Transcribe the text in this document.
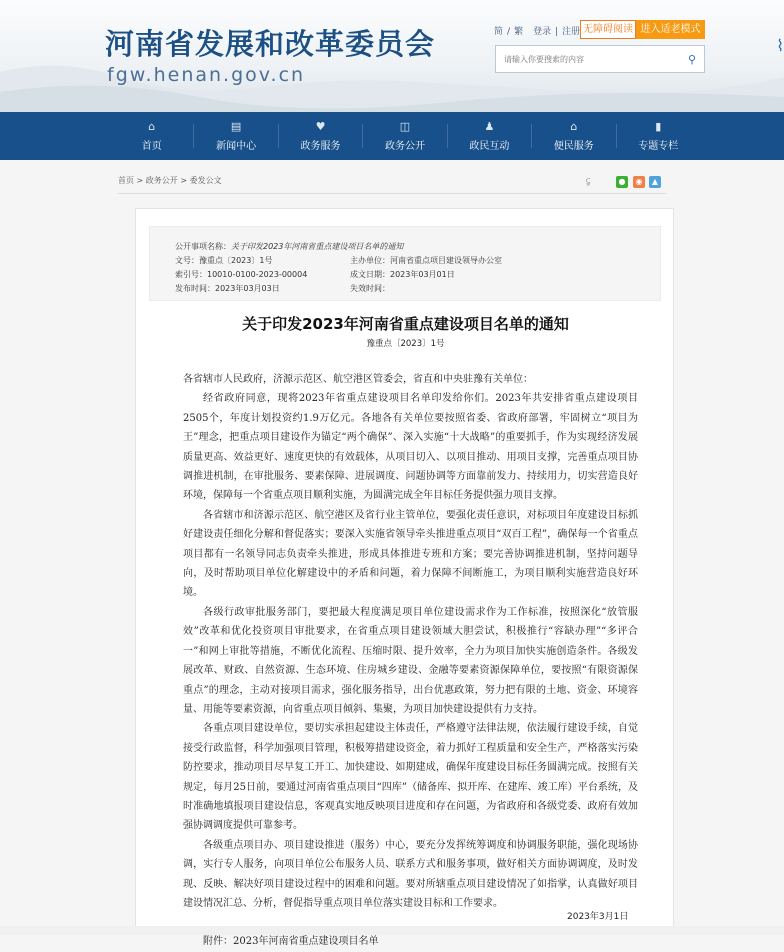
河南省发展和改革委员会
fgw.henan.gov.cn
简 / 繁 登录 | 注册 无障碍阅读 进入适老模式
请输入你要搜索的内容
⚲
⌇
⌂
首页
▤
新闻中心
♥
政务服务
◫
政务公开
♟
政民互动
⌂
便民服务
▮
专题专栏
首页 > 政务公开 > 委发公文	⫋	●	◉	▲
公开事项名称： 关于印发2023年河南省重点建设项目名单的通知
文号：豫重点〔2023〕1号	主办单位：河南省重点项目建设领导办公室
索引号：10010-0100-2023-00004	成文日期：2023年03月01日
发布时间：2023年03月03日	失效时间：
关于印发2023年河南省重点建设项目名单的通知
豫重点〔2023〕1号

各省辖市人民政府，济源示范区、航空港区管委会，省直和中央驻豫有关单位：

经省政府同意，现将2023年省重点建设项目名单印发给你们。2023年共安排省重点建设项目2505个，年度计划投资约1.9万亿元。各地各有关单位要按照省委、省政府部署，牢固树立“项目为王”理念，把重点项目建设作为锚定“两个确保”、深入实施“十大战略”的重要抓手，作为实现经济发展质量更高、效益更好、速度更快的有效载体，从项目切入、以项目推动、用项目支撑，完善重点项目协调推进机制，在审批服务、要素保障、进展调度、问题协调等方面靠前发力、持续用力，切实营造良好环境，保障每一个省重点项目顺利实施，为圆满完成全年目标任务提供强力项目支撑。

各省辖市和济源示范区、航空港区及省行业主管单位，要强化责任意识，对标项目年度建设目标抓好建设责任细化分解和督促落实；要深入实施省领导牵头推进重点项目“双百工程”，确保每一个省重点项目都有一名领导同志负责牵头推进，形成具体推进专班和方案；要完善协调推进机制，坚持问题导向，及时帮助项目单位化解建设中的矛盾和问题，着力保障不间断施工，为项目顺利实施营造良好环境。

各级行政审批服务部门，要把最大程度满足项目单位建设需求作为工作标准，按照深化“放管服效”改革和优化投资项目审批要求，在省重点项目建设领域大胆尝试，积极推行“容缺办理”“多评合一”和网上审批等措施，不断优化流程、压缩时限、提升效率，全力为项目加快实施创造条件。各级发展改革、财政、自然资源、生态环境、住房城乡建设、金融等要素资源保障单位，要按照“有限资源保重点”的理念，主动对接项目需求，强化服务指导，出台优惠政策，努力把有限的土地、资金、环境容量、用能等要素资源，向省重点项目倾斜、集聚，为项目加快建设提供有力支持。

各重点项目建设单位，要切实承担起建设主体责任，严格遵守法律法规，依法履行建设手续，自觉接受行政监督，科学加强项目管理，积极筹措建设资金，着力抓好工程质量和安全生产，严格落实污染防控要求，推动项目尽早复工开工、加快建设、如期建成，确保年度建设目标任务圆满完成。按照有关规定，每月25日前，要通过河南省重点项目“四库”（储备库、拟开库、在建库、竣工库）平台系统，及时准确地填报项目建设信息，客观真实地反映项目进度和存在问题，为省政府和各级党委、政府有效加强协调调度提供可靠参考。

各级重点项目办、项目建设推进（服务）中心，要充分发挥统筹调度和协调服务职能，强化现场协调，实行专人服务，向项目单位公布服务人员、联系方式和服务事项，做好相关方面协调调度，及时发现、反映、解决好项目建设过程中的困难和问题。要对所辖重点项目建设情况了如指掌，认真做好项目建设情况汇总、分析，督促指导重点项目单位落实建设目标和工作要求。

附件：2023年河南省重点建设项目名单

2023年3月1日
